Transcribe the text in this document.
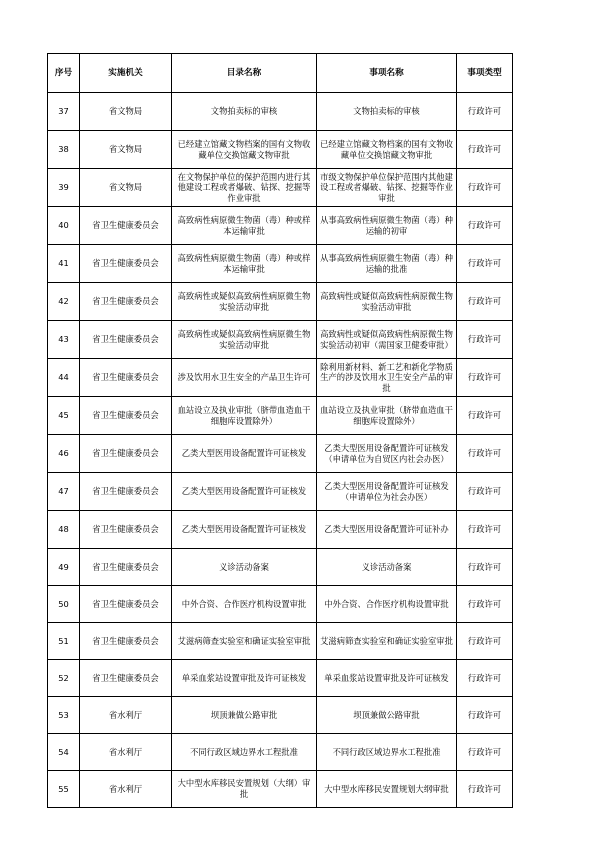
序号	实施机关	目录名称	事项名称	事项类型
37	省文物局	文物拍卖标的审核	文物拍卖标的审核	行政许可
38	省文物局	已经建立馆藏文物档案的国有文物收藏单位交换馆藏文物审批	已经建立馆藏文物档案的国有文物收藏单位交换馆藏文物审批	行政许可
39	省文物局	在文物保护单位的保护范围内进行其他建设工程或者爆破、钻探、挖掘等作业审批	市级文物保护单位保护范围内其他建设工程或者爆破、钻探、挖掘等作业审批	行政许可
40	省卫生健康委员会	高致病性病原微生物菌（毒）种或样本运输审批	从事高致病性病原微生物菌（毒）种运输的初审	行政许可
41	省卫生健康委员会	高致病性病原微生物菌（毒）种或样本运输审批	从事高致病性病原微生物菌（毒）种运输的批准	行政许可
42	省卫生健康委员会	高致病性或疑似高致病性病原微生物实验活动审批	高致病性或疑似高致病性病原微生物实验活动审批	行政许可
43	省卫生健康委员会	高致病性或疑似高致病性病原微生物实验活动审批	高致病性或疑似高致病性病原微生物实验活动初审（需国家卫健委审批）	行政许可
44	省卫生健康委员会	涉及饮用水卫生安全的产品卫生许可	除利用新材料、新工艺和新化学物质生产的涉及饮用水卫生安全产品的审批	行政许可
45	省卫生健康委员会	血站设立及执业审批（脐带血造血干细胞库设置除外）	血站设立及执业审批（脐带血造血干细胞库设置除外）	行政许可
46	省卫生健康委员会	乙类大型医用设备配置许可证核发	乙类大型医用设备配置许可证核发（申请单位为自贸区内社会办医）	行政许可
47	省卫生健康委员会	乙类大型医用设备配置许可证核发	乙类大型医用设备配置许可证核发（申请单位为社会办医）	行政许可
48	省卫生健康委员会	乙类大型医用设备配置许可证核发	乙类大型医用设备配置许可证补办	行政许可
49	省卫生健康委员会	义诊活动备案	义诊活动备案	行政许可
50	省卫生健康委员会	中外合资、合作医疗机构设置审批	中外合资、合作医疗机构设置审批	行政许可
51	省卫生健康委员会	艾滋病筛查实验室和确证实验室审批	艾滋病筛查实验室和确证实验室审批	行政许可
52	省卫生健康委员会	单采血浆站设置审批及许可证核发	单采血浆站设置审批及许可证核发	行政许可
53	省水利厅	坝顶兼做公路审批	坝顶兼做公路审批	行政许可
54	省水利厅	不同行政区域边界水工程批准	不同行政区域边界水工程批准	行政许可
55	省水利厅	大中型水库移民安置规划（大纲）审批	大中型水库移民安置规划大纲审批	行政许可
